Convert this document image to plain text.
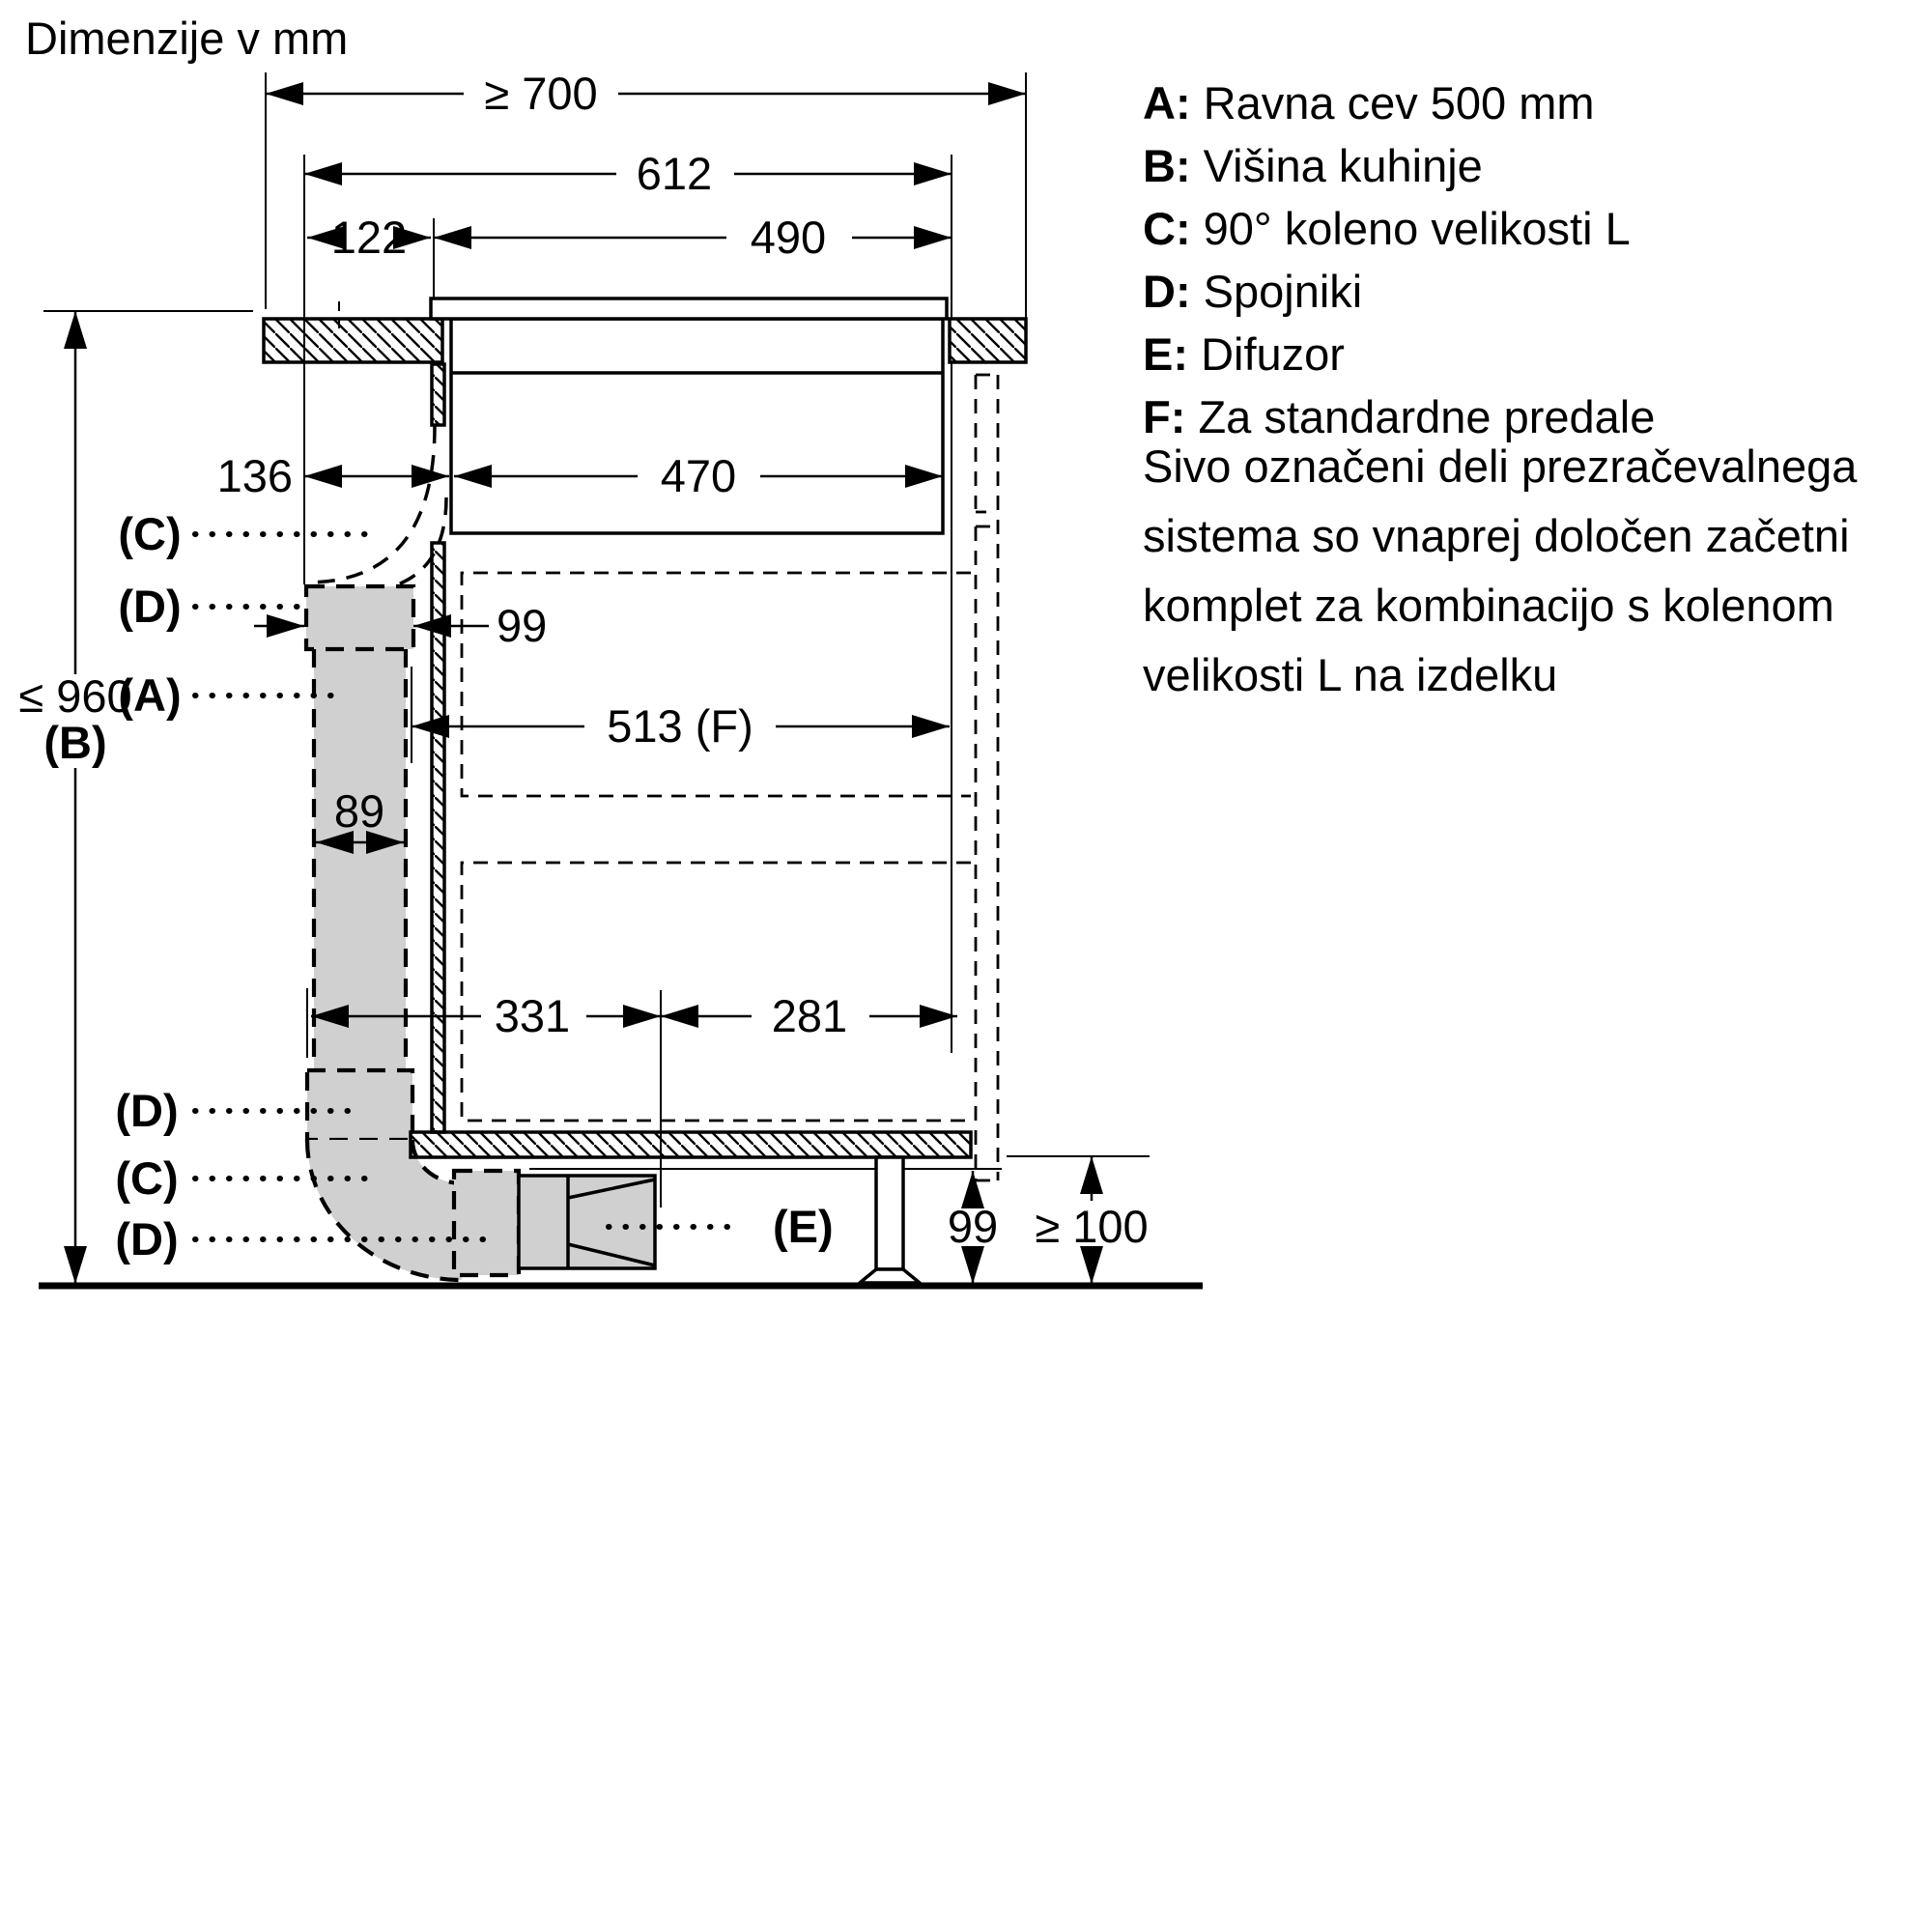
Dimenzije v mm
A: Ravna cev 500 mm
B: Višina kuhinje
C: 90° koleno velikosti L
D: Spojniki
E: Difuzor
F: Za standardne predale
Sivo označeni deli prezračevalnega
sistema so vnaprej določen začetni
komplet za kombinacijo s kolenom
velikosti L na izdelku
≥ 700
612
122	490
136	470
99
513 (F)
≤ 960
(B)
89
331	281
99 ≥ 100
(C)
(D)
(A)
(D)
(C)
(D)	(E)
